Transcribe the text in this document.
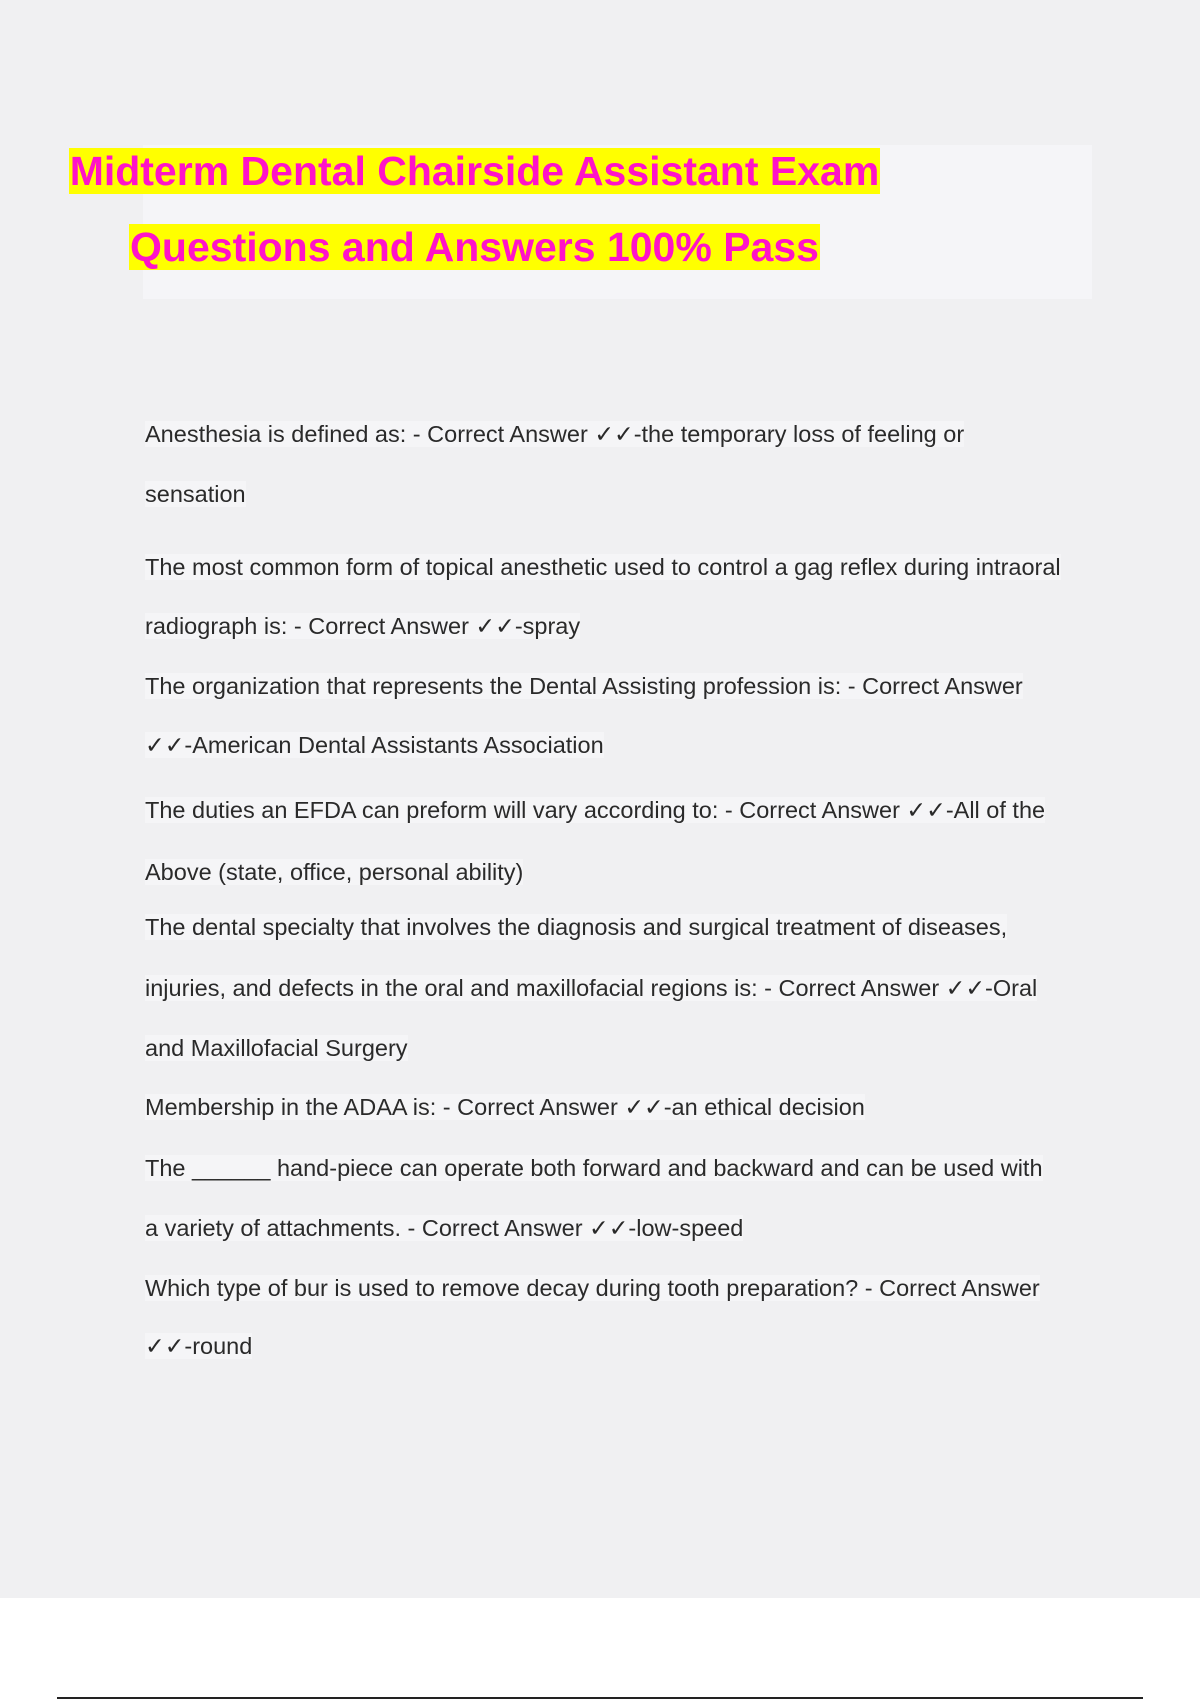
Midterm Dental Chairside Assistant Exam
Questions and Answers 100% Pass
Anesthesia is defined as: - Correct Answer ✓✓-the temporary loss of feeling or
sensation
The most common form of topical anesthetic used to control a gag reflex during intraoral
radiograph is: - Correct Answer ✓✓-spray
The organization that represents the Dental Assisting profession is: - Correct Answer
✓✓-American Dental Assistants Association
The duties an EFDA can preform will vary according to: - Correct Answer ✓✓-All of the
Above (state, office, personal ability)
The dental specialty that involves the diagnosis and surgical treatment of diseases,
injuries, and defects in the oral and maxillofacial regions is: - Correct Answer ✓✓-Oral
and Maxillofacial Surgery
Membership in the ADAA is: - Correct Answer ✓✓-an ethical decision
The ______ hand-piece can operate both forward and backward and can be used with
a variety of attachments. - Correct Answer ✓✓-low-speed
Which type of bur is used to remove decay during tooth preparation? - Correct Answer
✓✓-round
